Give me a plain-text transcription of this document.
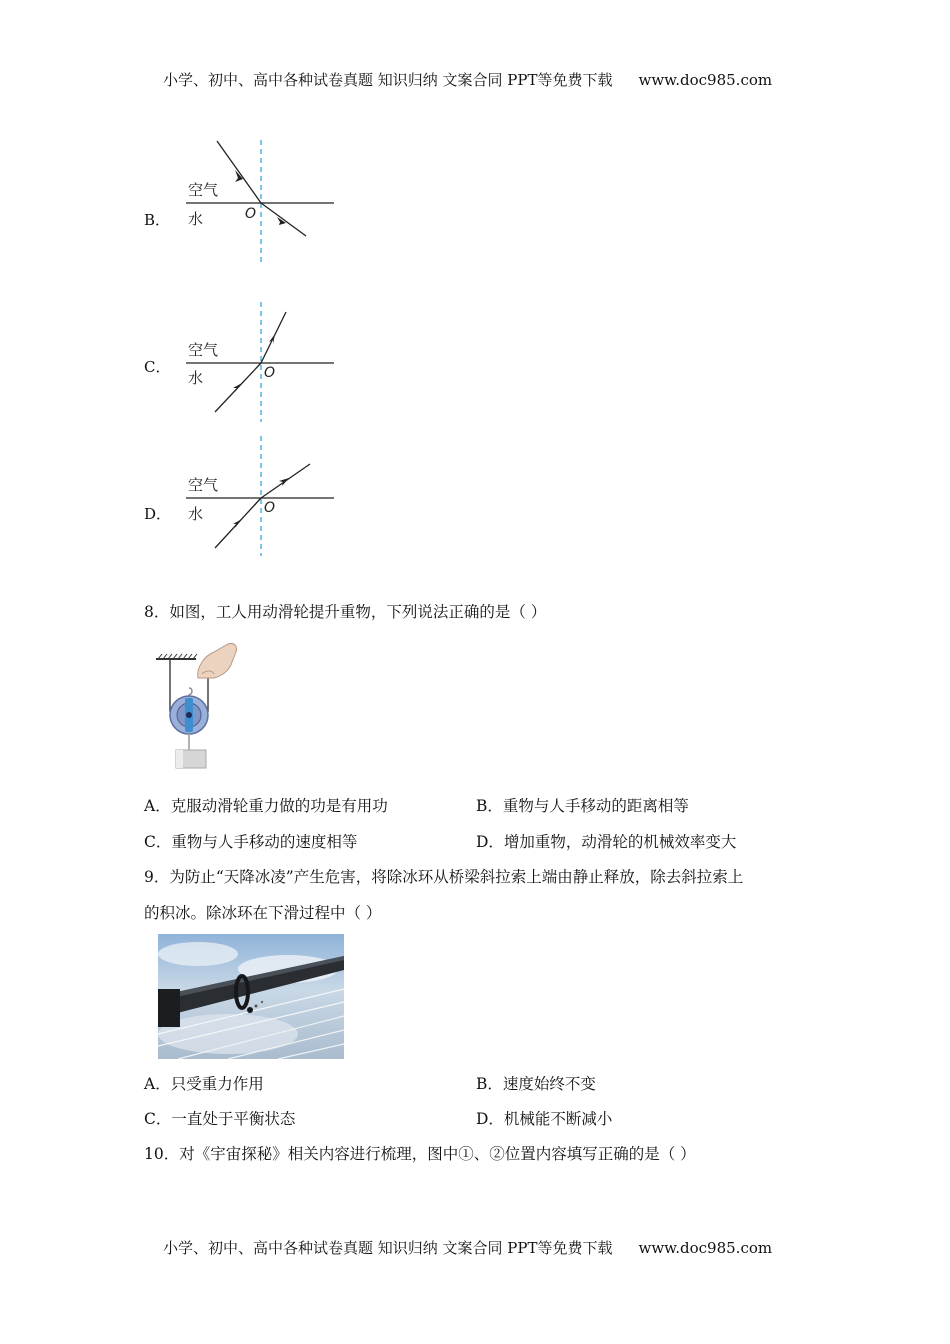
小学、初中、高中各种试卷真题 知识归纳 文案合同 PPT等免费下载 www.doc985.com
B．
空气
水	O
C．
空气
水	O
D．
空气
水	O
8．如图，工人用动滑轮提升重物，下列说法正确的是（ ）
A．克服动滑轮重力做的功是有用功	B．重物与人手移动的距离相等
C．重物与人手移动的速度相等	D．增加重物，动滑轮的机械效率变大
9．为防止“天降冰凌”产生危害，将除冰环从桥梁斜拉索上端由静止释放，除去斜拉索上
的积冰。除冰环在下滑过程中（ ）
A．只受重力作用	B．速度始终不变
C．一直处于平衡状态	D．机械能不断减小
10．对《宇宙探秘》相关内容进行梳理，图中①、②位置内容填写正确的是（ ）
小学、初中、高中各种试卷真题 知识归纳 文案合同 PPT等免费下载 www.doc985.com
